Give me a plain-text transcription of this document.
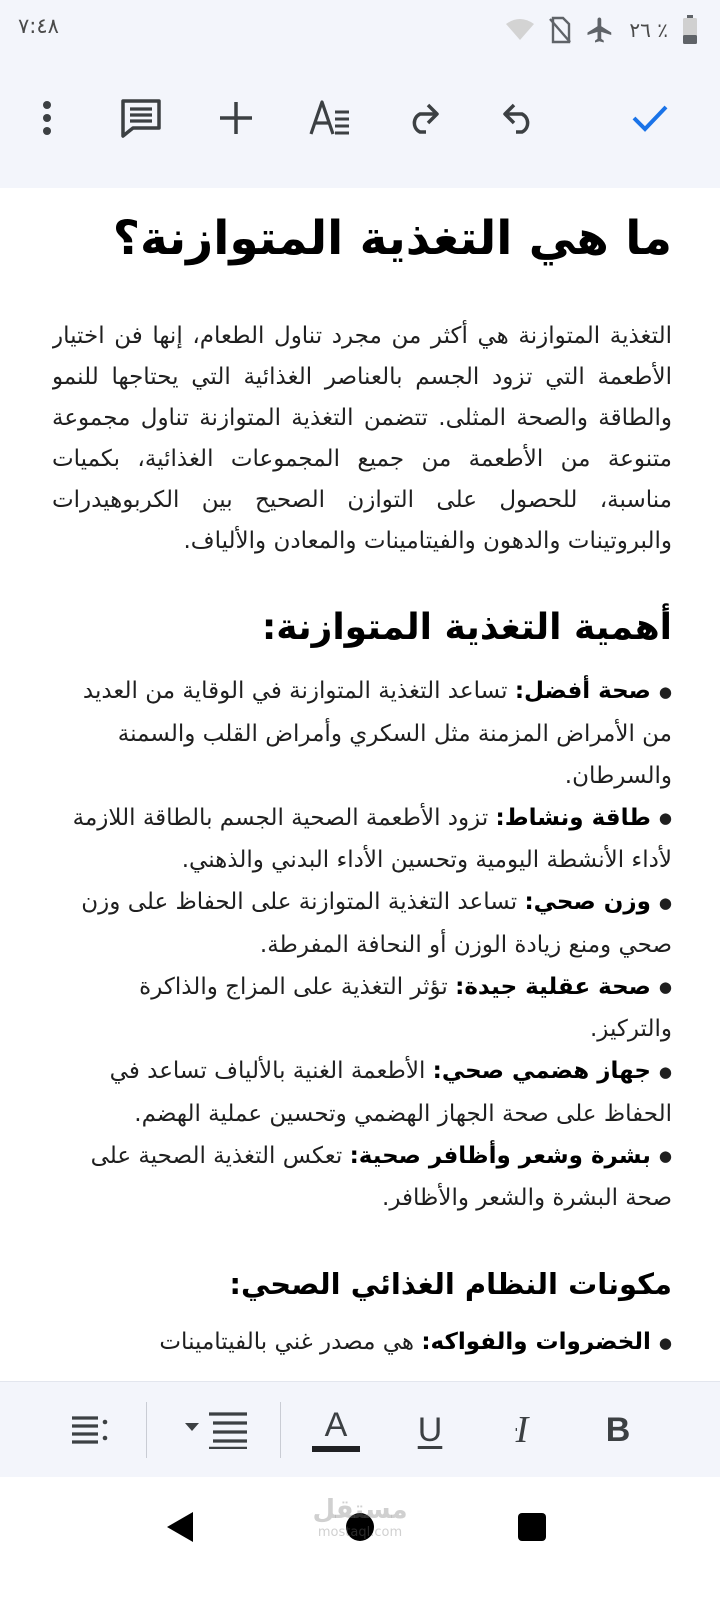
٧:٤٨	٢٦ ٪
ما هي التغذية المتوازنة؟

التغذية المتوازنة هي أكثر من مجرد تناول الطعام، إنها فن اختيار الأطعمة التي تزود الجسم بالعناصر الغذائية التي يحتاجها للنمو والطاقة والصحة المثلى. تتضمن التغذية المتوازنة تناول مجموعة متنوعة من الأطعمة من جميع المجموعات الغذائية، بكميات مناسبة، للحصول على التوازن الصحيح بين الكربوهيدرات والبروتينات والدهون والفيتامينات والمعادن والألياف.

أهمية التغذية المتوازنة:
●صحة أفضل: تساعد التغذية المتوازنة في الوقاية من العديد من الأمراض المزمنة مثل السكري وأمراض القلب والسمنة والسرطان.
●طاقة ونشاط: تزود الأطعمة الصحية الجسم بالطاقة اللازمة لأداء الأنشطة اليومية وتحسين الأداء البدني والذهني.
●وزن صحي: تساعد التغذية المتوازنة على الحفاظ على وزن صحي ومنع زيادة الوزن أو النحافة المفرطة.
●صحة عقلية جيدة: تؤثر التغذية على المزاج والذاكرة والتركيز.
●جهاز هضمي صحي: الأطعمة الغنية بالألياف تساعد في الحفاظ على صحة الجهاز الهضمي وتحسين عملية الهضم.
●بشرة وشعر وأظافر صحية: تعكس التغذية الصحية على صحة البشرة والشعر والأظافر.
مكونات النظام الغذائي الصحي:
●الخضروات والفواكه: هي مصدر غني بالفيتامينات
A U I B
مستقل
mostaql.com
